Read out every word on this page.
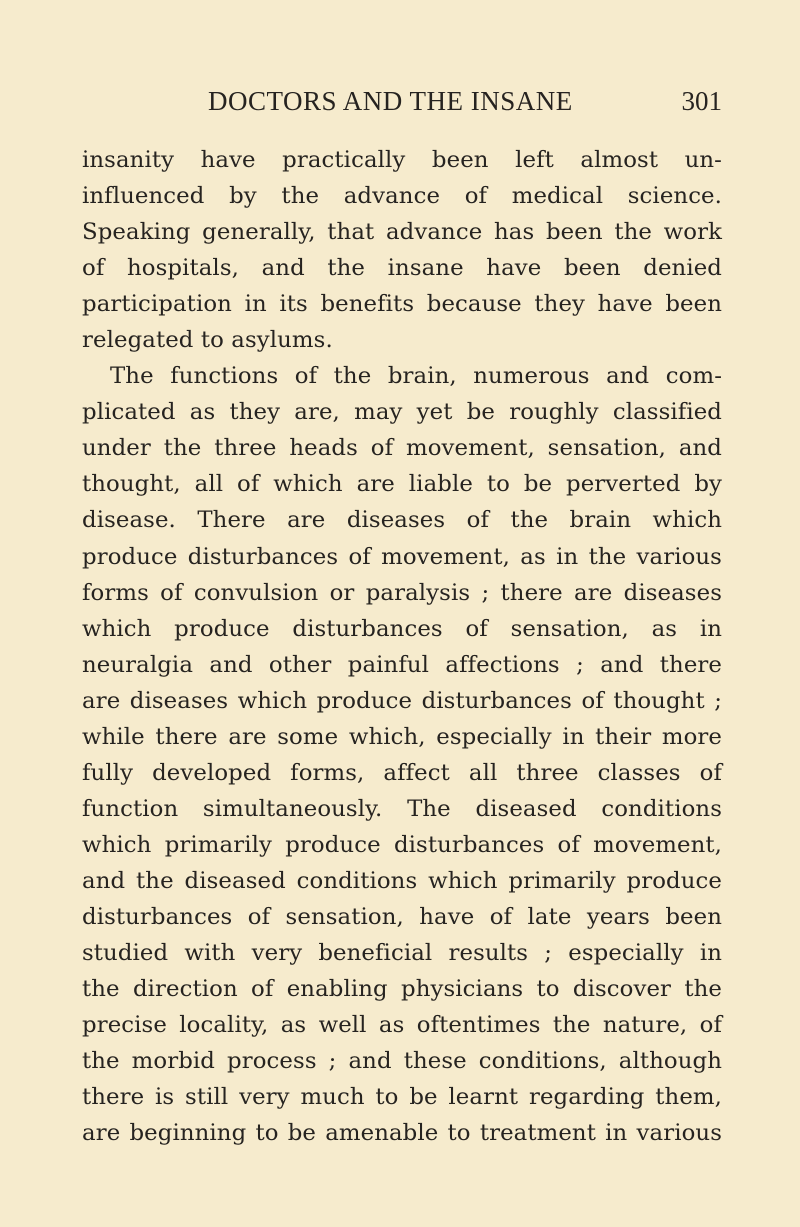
DOCTORS AND THE INSANE	301
insanity have practically been left almost un-
influenced by the advance of medical science.
Speaking generally, that advance has been the work
of hospitals, and the insane have been denied
participation in its benefits because they have been
relegated to asylums.
The functions of the brain, numerous and com-
plicated as they are, may yet be roughly classified
under the three heads of movement, sensation, and
thought, all of which are liable to be perverted by
disease. There are diseases of the brain which
produce disturbances of movement, as in the various
forms of convulsion or paralysis ; there are diseases
which produce disturbances of sensation, as in
neuralgia and other painful affections ; and there
are diseases which produce disturbances of thought ;
while there are some which, especially in their more
fully developed forms, affect all three classes of
function simultaneously. The diseased conditions
which primarily produce disturbances of movement,
and the diseased conditions which primarily produce
disturbances of sensation, have of late years been
studied with very beneficial results ; especially in
the direction of enabling physicians to discover the
precise locality, as well as oftentimes the nature, of
the morbid process ; and these conditions, although
there is still very much to be learnt regarding them,
are beginning to be amenable to treatment in various
